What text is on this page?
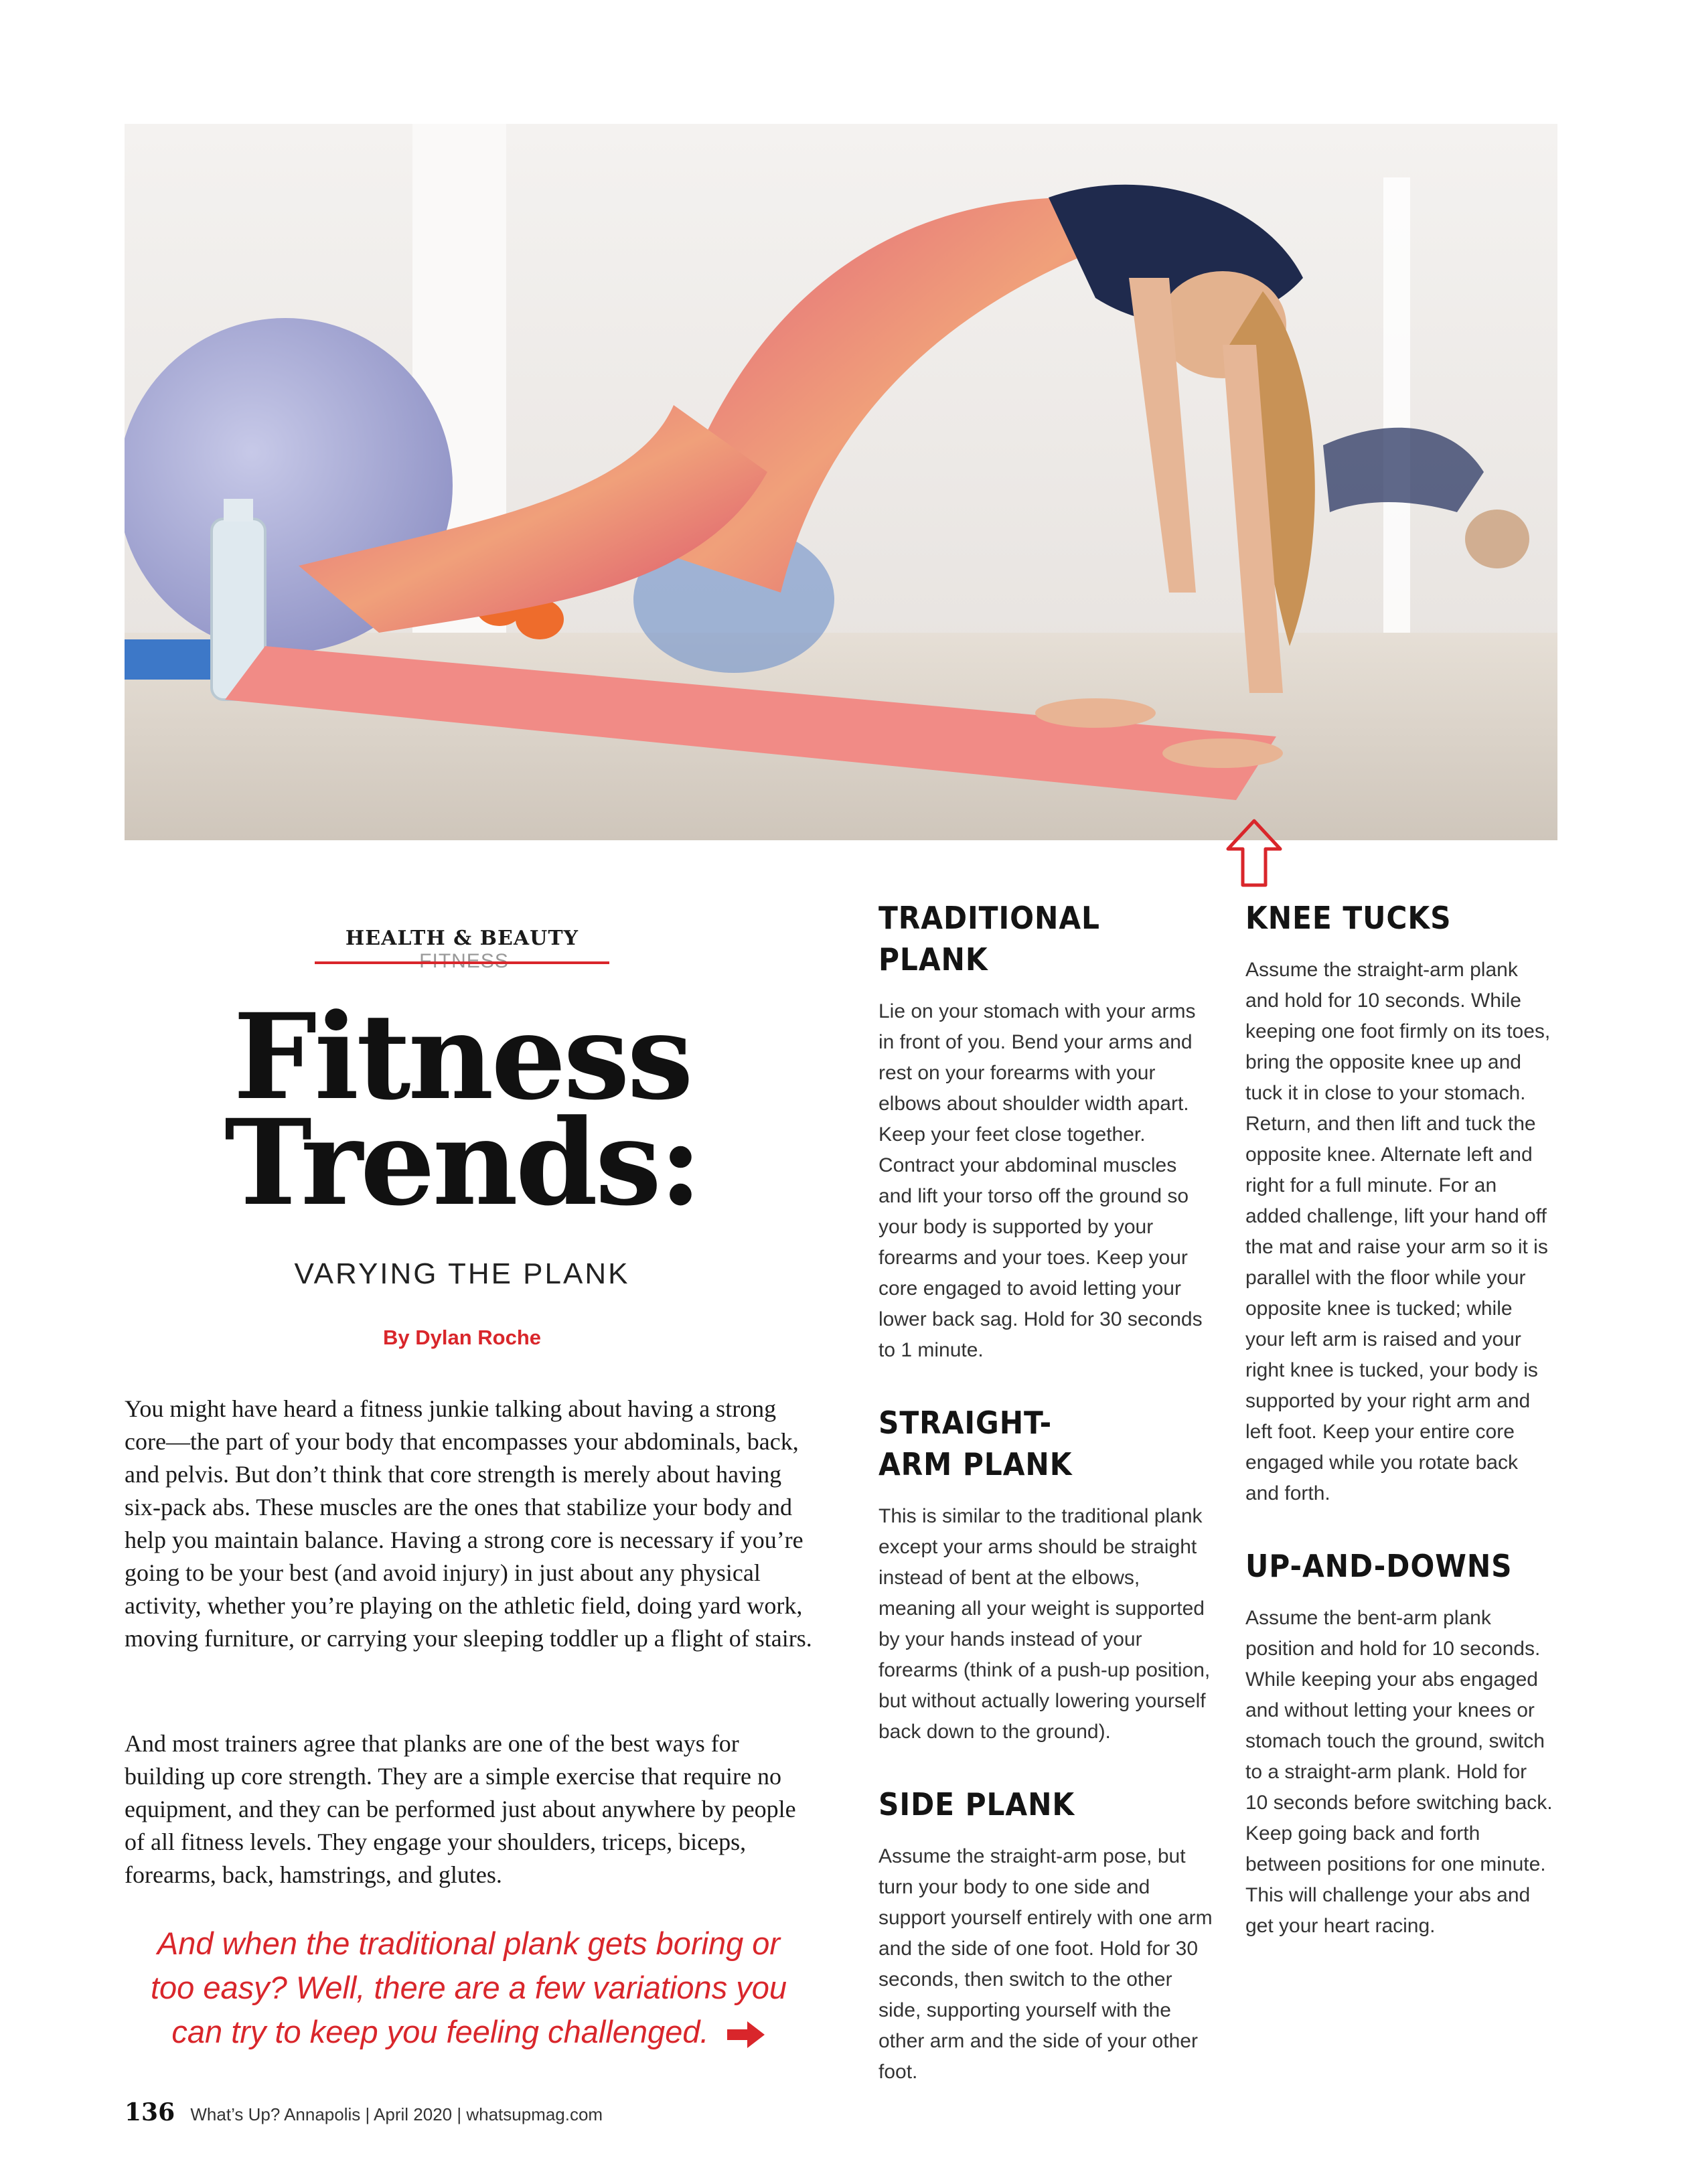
HEALTH & BEAUTY
Fitness
Trends:
VARYING THE PLANK
By Dylan Roche
You might have heard a fitness junkie talking about having a strong core—the part of your body that encompasses your abdominals, back, and pelvis. But don’t think that core strength is merely about having six-pack abs. These muscles are the ones that stabilize your body and help you maintain balance. Having a strong core is necessary if you’re going to be your best (and avoid injury) in just about any physical activity, whether you’re playing on the athletic field, doing yard work, moving furniture, or carrying your sleeping toddler up a flight of stairs.
And most trainers agree that planks are one of the best ways for building up core strength. They are a simple exercise that require no equipment, and they can be performed just about anywhere by people of all fitness levels. They engage your shoulders, triceps, biceps, forearms, back, hamstrings, and glutes.
And when the traditional plank gets boring or too easy? Well, there are a few variations you can try to keep you feeling challenged.
TRADITIONAL PLANK

Lie on your stomach with your arms in front of you. Bend your arms and rest on your forearms with your elbows about shoulder width apart. Keep your feet close together. Contract your abdominal muscles and lift your torso off the ground so your body is supported by your forearms and your toes. Keep your core engaged to avoid letting your lower back sag. Hold for 30 seconds to 1 minute.

STRAIGHT-ARM PLANK

This is similar to the traditional plank except your arms should be straight instead of bent at the elbows, meaning all your weight is supported by your hands instead of your forearms (think of a push-up position, but without actually lowering yourself back down to the ground).

SIDE PLANK

Assume the straight-arm pose, but turn your body to one side and support yourself entirely with one arm and the side of one foot. Hold for 30 seconds, then switch to the other side, supporting yourself with the other arm and the side of your other foot.

KNEE TUCKS

Assume the straight-arm plank and hold for 10 seconds. While keeping one foot firmly on its toes, bring the opposite knee up and tuck it in close to your stomach. Return, and then lift and tuck the opposite knee. Alternate left and right for a full minute. For an added challenge, lift your hand off the mat and raise your arm so it is parallel with the floor while your opposite knee is tucked; while your left arm is raised and your right knee is tucked, your body is supported by your right arm and left foot. Keep your entire core engaged while you rotate back and forth.

UP-AND-DOWNS

Assume the bent-arm plank position and hold for 10 seconds. While keeping your abs engaged and without letting your knees or stomach touch the ground, switch to a straight-arm plank. Hold for 10 seconds before switching back. Keep going back and forth between positions for one minute. This will challenge your abs and get your heart racing.

136 What’s Up? Annapolis | April 2020 | whatsupmag.com
